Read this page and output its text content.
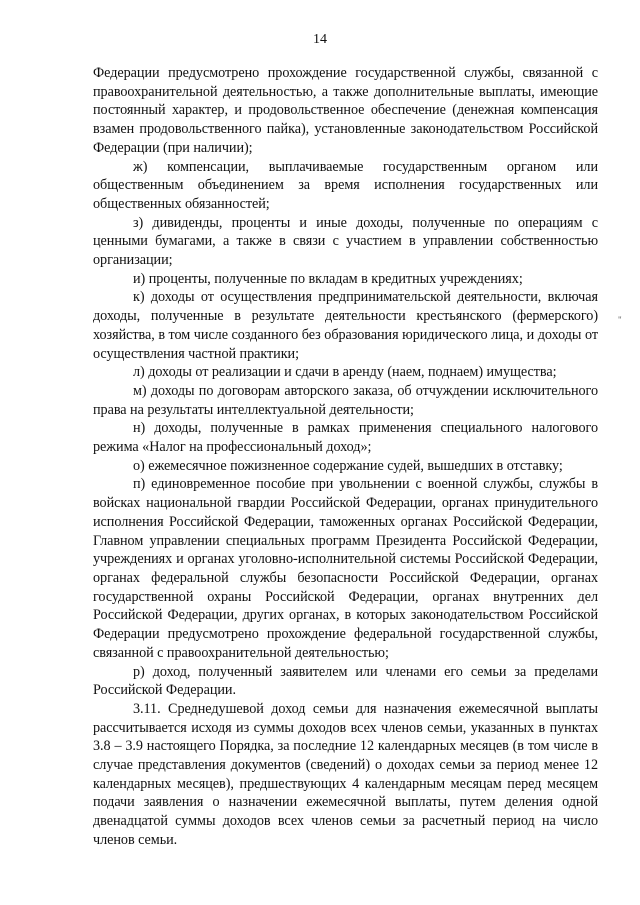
14

Федерации предусмотрено прохождение государственной службы, связанной с правоохранительной деятельностью, а также дополнительные выплаты, имеющие постоянный характер, и продовольственное обеспечение (денежная компенсация взамен продовольственного пайка), установленные законодательством Российской Федерации (при наличии);

ж) компенсации, выплачиваемые государственным органом или общественным объединением за время исполнения государственных или общественных обязанностей;

з) дивиденды, проценты и иные доходы, полученные по операциям с ценными бумагами, а также в связи с участием в управлении собственностью организации;

и) проценты, полученные по вкладам в кредитных учреждениях;

к) доходы от осуществления предпринимательской деятельности, включая доходы, полученные в результате деятельности крестьянского (фермерского) хозяйства, в том числе созданного без образования юридического лица, и доходы от осуществления частной практики;

л) доходы от реализации и сдачи в аренду (наем, поднаем) имущества;

м) доходы по договорам авторского заказа, об отчуждении исключительного права на результаты интеллектуальной деятельности;

н) доходы, полученные в рамках применения специального налогового режима «Налог на профессиональный доход»;

о) ежемесячное пожизненное содержание судей, вышедших в отставку;

п) единовременное пособие при увольнении с военной службы, службы в войсках национальной гвардии Российской Федерации, органах принудительного исполнения Российской Федерации, таможенных органах Российской Федерации, Главном управлении специальных программ Президента Российской Федерации, учреждениях и органах уголовно-исполнительной системы Российской Федерации, органах федеральной службы безопасности Российской Федерации, органах государственной охраны Российской Федерации, органах внутренних дел Российской Федерации, других органах, в которых законодательством Российской Федерации предусмотрено прохождение федеральной государственной службы, связанной с правоохранительной деятельностью;

р) доход, полученный заявителем или членами его семьи за пределами Российской Федерации.

3.11. Среднедушевой доход семьи для назначения ежемесячной выплаты рассчитывается исходя из суммы доходов всех членов семьи, указанных в пунктах 3.8 – 3.9 настоящего Порядка, за последние 12 календарных месяцев (в том числе в случае представления документов (сведений) о доходах семьи за период менее 12 календарных месяцев), предшествующих 4 календарным месяцам перед месяцем подачи заявления о назначении ежемесячной выплаты, путем деления одной двенадцатой суммы доходов всех членов семьи за расчетный период на число членов семьи.

"
